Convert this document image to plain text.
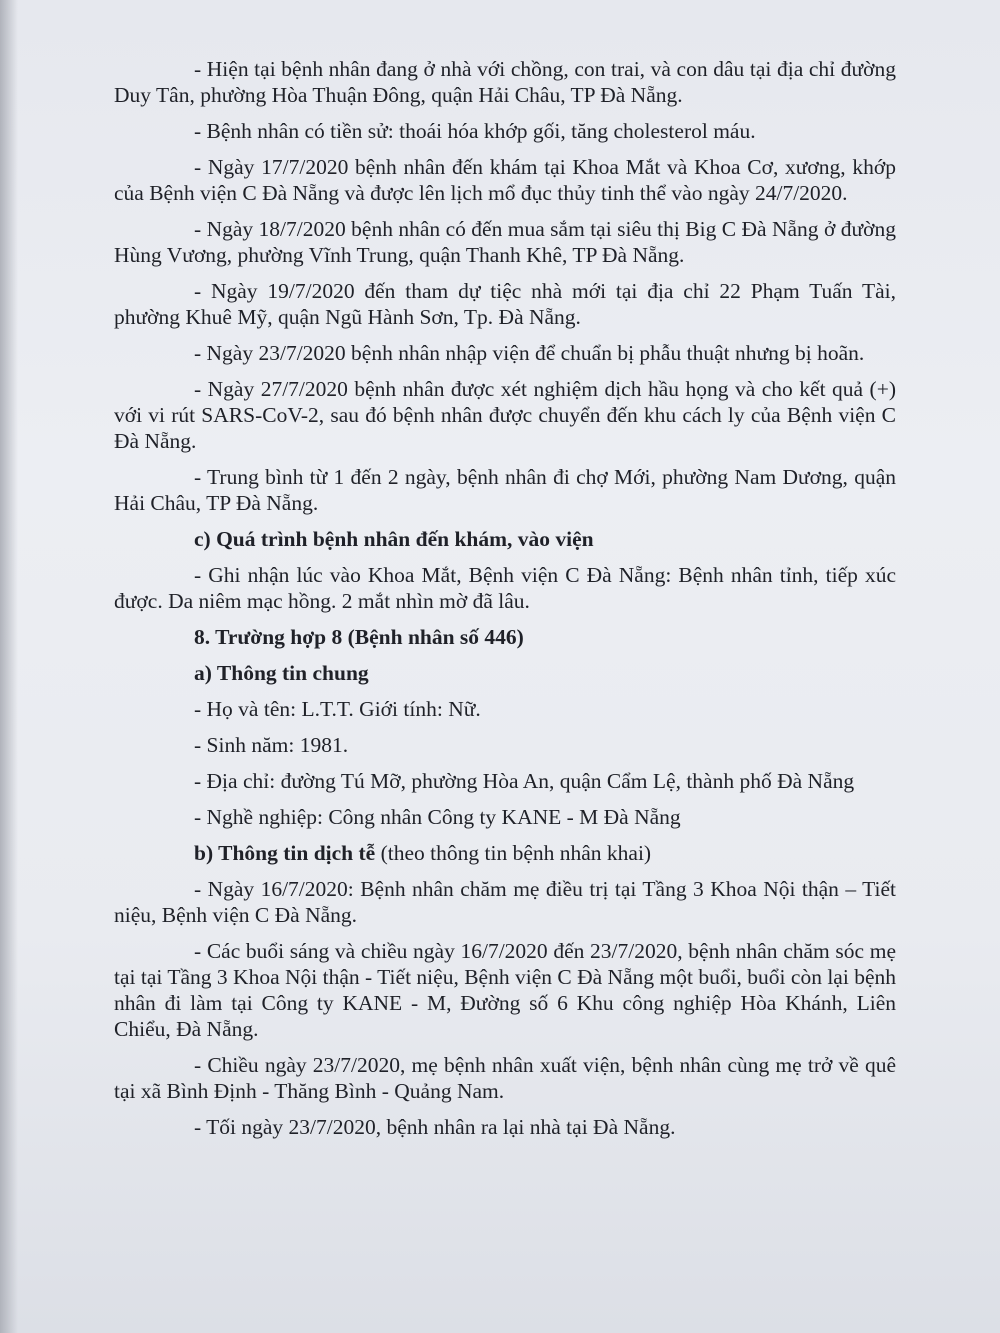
- Hiện tại bệnh nhân đang ở nhà với chồng, con trai, và con dâu tại địa chỉ đường Duy Tân, phường Hòa Thuận Đông, quận Hải Châu, TP Đà Nẵng.

- Bệnh nhân có tiền sử: thoái hóa khớp gối, tăng cholesterol máu.

- Ngày 17/7/2020 bệnh nhân đến khám tại Khoa Mắt và Khoa Cơ, xương, khớp của Bệnh viện C Đà Nẵng và được lên lịch mổ đục thủy tinh thể vào ngày 24/7/2020.

- Ngày 18/7/2020 bệnh nhân có đến mua sắm tại siêu thị Big C Đà Nẵng ở đường Hùng Vương, phường Vĩnh Trung, quận Thanh Khê, TP Đà Nẵng.

- Ngày 19/7/2020 đến tham dự tiệc nhà mới tại địa chỉ 22 Phạm Tuấn Tài, phường Khuê Mỹ, quận Ngũ Hành Sơn, Tp. Đà Nẵng.

- Ngày 23/7/2020 bệnh nhân nhập viện để chuẩn bị phẫu thuật nhưng bị hoãn.

- Ngày 27/7/2020 bệnh nhân được xét nghiệm dịch hầu họng và cho kết quả (+) với vi rút SARS-CoV-2, sau đó bệnh nhân được chuyển đến khu cách ly của Bệnh viện C Đà Nẵng.

- Trung bình từ 1 đến 2 ngày, bệnh nhân đi chợ Mới, phường Nam Dương, quận Hải Châu, TP Đà Nẵng.

c) Quá trình bệnh nhân đến khám, vào viện

- Ghi nhận lúc vào Khoa Mắt, Bệnh viện C Đà Nẵng: Bệnh nhân tỉnh, tiếp xúc được. Da niêm mạc hồng. 2 mắt nhìn mờ đã lâu.

8. Trường hợp 8 (Bệnh nhân số 446)

a) Thông tin chung

- Họ và tên: L.T.T. Giới tính: Nữ.

- Sinh năm: 1981.

- Địa chỉ: đường Tú Mỡ, phường Hòa An, quận Cẩm Lệ, thành phố Đà Nẵng

- Nghề nghiệp: Công nhân Công ty KANE - M Đà Nẵng

b) Thông tin dịch tễ (theo thông tin bệnh nhân khai)

- Ngày 16/7/2020: Bệnh nhân chăm mẹ điều trị tại Tầng 3 Khoa Nội thận – Tiết niệu, Bệnh viện C Đà Nẵng.

- Các buổi sáng và chiều ngày 16/7/2020 đến 23/7/2020, bệnh nhân chăm sóc mẹ tại tại Tầng 3 Khoa Nội thận - Tiết niệu, Bệnh viện C Đà Nẵng một buổi, buổi còn lại bệnh nhân đi làm tại Công ty KANE - M, Đường số 6 Khu công nghiệp Hòa Khánh, Liên Chiểu, Đà Nẵng.

- Chiều ngày 23/7/2020, mẹ bệnh nhân xuất viện, bệnh nhân cùng mẹ trở về quê tại xã Bình Định - Thăng Bình - Quảng Nam.

- Tối ngày 23/7/2020, bệnh nhân ra lại nhà tại Đà Nẵng.
